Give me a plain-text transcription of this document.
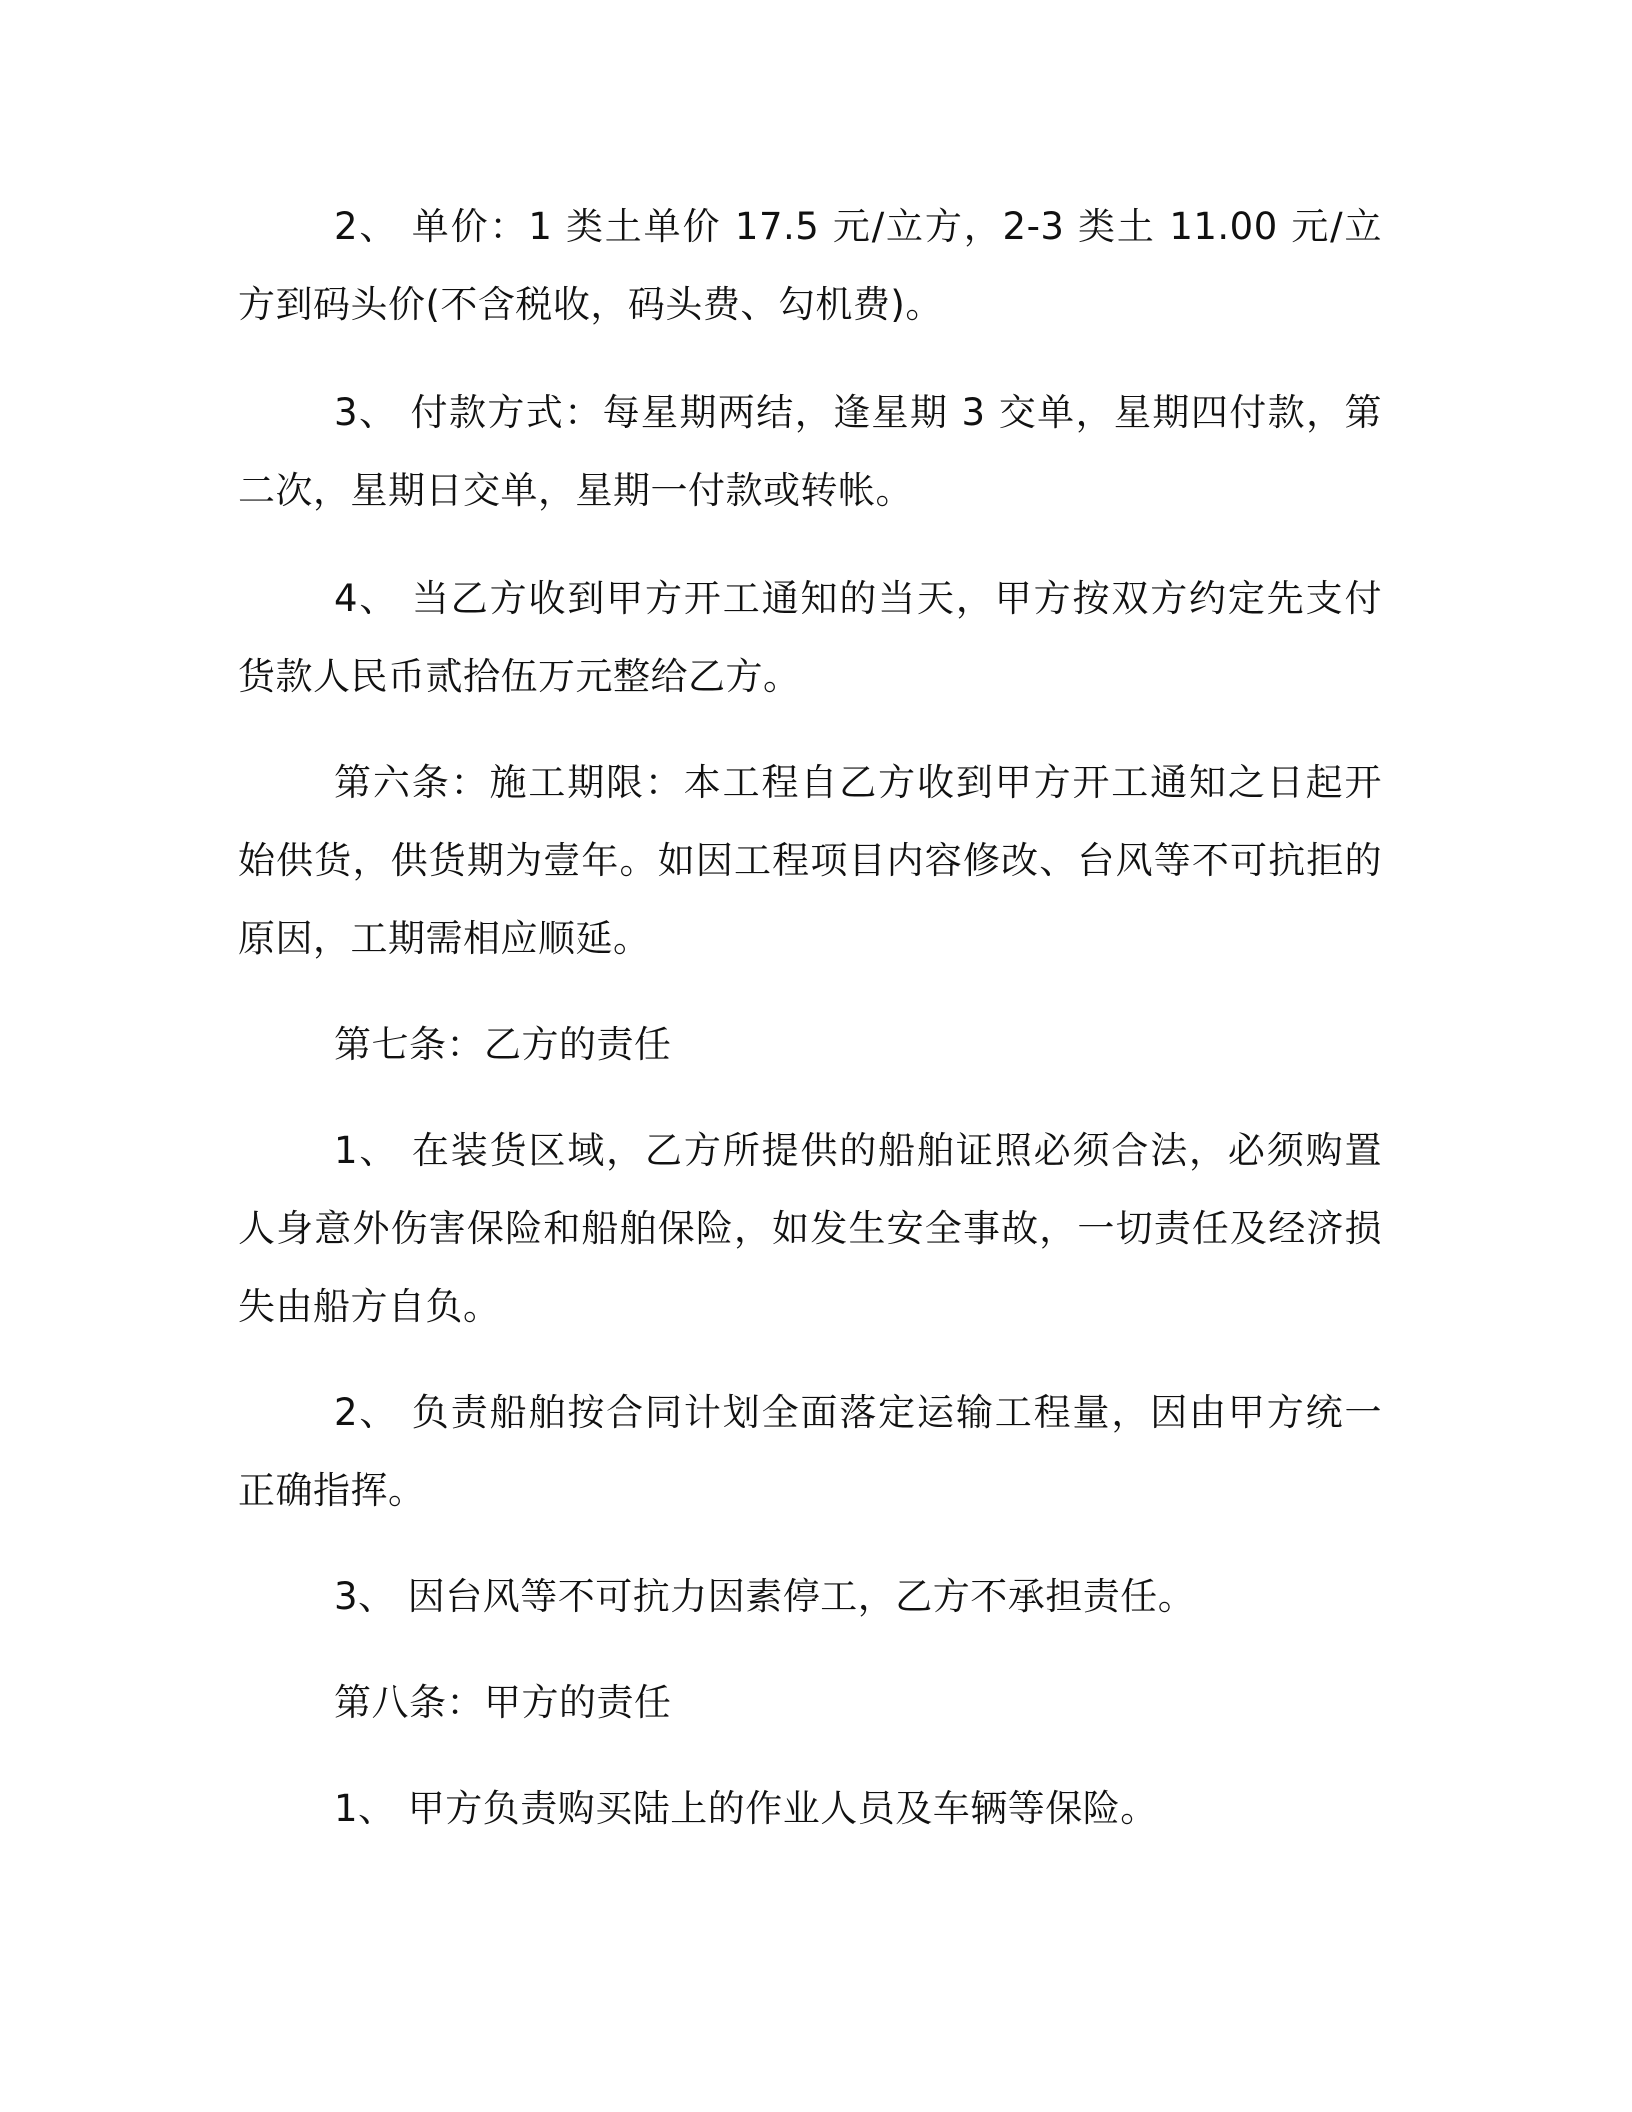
2、 单价：1 类土单价 17.5 元/立方，2-3 类土 11.00 元/立方到码头价(不含税收，码头费、勾机费)。

3、 付款方式：每星期两结，逢星期 3 交单，星期四付款，第二次，星期日交单，星期一付款或转帐。

4、 当乙方收到甲方开工通知的当天，甲方按双方约定先支付货款人民币贰拾伍万元整给乙方。

第六条：施工期限：本工程自乙方收到甲方开工通知之日起开始供货，供货期为壹年。如因工程项目内容修改、台风等不可抗拒的原因，工期需相应顺延。

第七条：乙方的责任

1、 在装货区域，乙方所提供的船舶证照必须合法，必须购置人身意外伤害保险和船舶保险，如发生安全事故，一切责任及经济损失由船方自负。

2、 负责船舶按合同计划全面落定运输工程量，因由甲方统一正确指挥。

3、 因台风等不可抗力因素停工，乙方不承担责任。

第八条：甲方的责任

1、 甲方负责购买陆上的作业人员及车辆等保险。
